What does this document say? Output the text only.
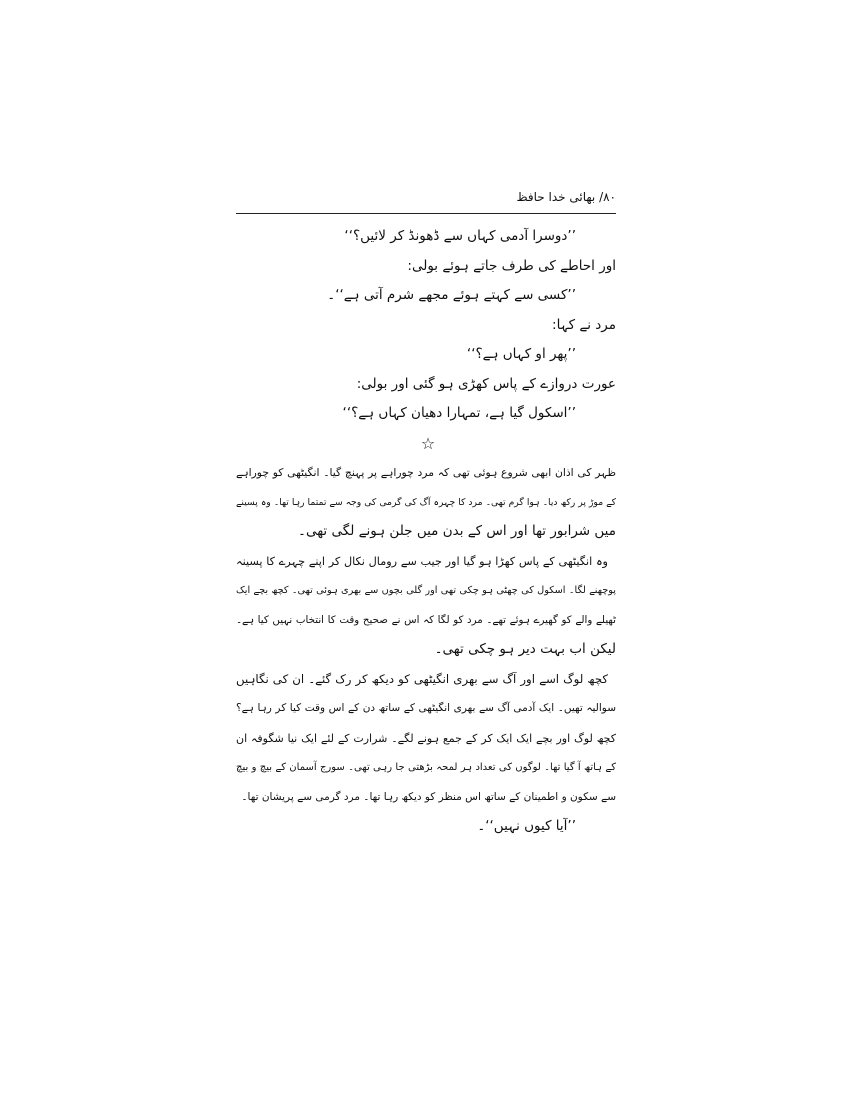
۸۰/ بھائی خدا حافظ
’’دوسرا آدمی کہاں سے ڈھونڈ کر لائیں؟‘‘
اور احاطے کی طرف جاتے ہوئے بولی:
’’کسی سے کہتے ہوئے مجھے شرم آتی ہے‘‘۔
مرد نے کہا:
’’پھر او کہاں ہے؟‘‘
عورت دروازے کے پاس کھڑی ہو گئی اور بولی:
’’اسکول گیا ہے، تمہارا دھیان کہاں ہے؟‘‘
☆
ظہر کی اذان ابھی شروع ہوئی تھی کہ مرد چوراہے پر پہنچ گیا۔ انگیٹھی کو چوراہے
کے موڑ پر رکھ دیا۔ ہوا گرم تھی۔ مرد کا چہرہ آگ کی گرمی کی وجہ سے تمتما رہا تھا۔ وہ پسینے
میں شرابور تھا اور اس کے بدن میں جلن ہونے لگی تھی۔
وہ انگیٹھی کے پاس کھڑا ہو گیا اور جیب سے رومال نکال کر اپنے چہرے کا پسینہ
پوچھنے لگا۔ اسکول کی چھٹی ہو چکی تھی اور گلی بچوں سے بھری ہوئی تھی۔ کچھ بچے ایک
ٹھیلے والے کو گھیرے ہوئے تھے۔ مرد کو لگا کہ اس نے صحیح وقت کا انتخاب نہیں کیا ہے۔
لیکن اب بہت دیر ہو چکی تھی۔
کچھ لوگ اسے اور آگ سے بھری انگیٹھی کو دیکھ کر رک گئے۔ ان کی نگاہیں
سوالیہ تھیں۔ ایک آدمی آگ سے بھری انگیٹھی کے ساتھ دن کے اس وقت کیا کر رہا ہے؟
کچھ لوگ اور بچے ایک ایک کر کے جمع ہونے لگے۔ شرارت کے لئے ایک نیا شگوفہ ان
کے ہاتھ آ گیا تھا۔ لوگوں کی تعداد ہر لمحہ بڑھتی جا رہی تھی۔ سورج آسمان کے بیچ و بیچ
سے سکون و اطمینان کے ساتھ اس منظر کو دیکھ رہا تھا۔ مرد گرمی سے پریشان تھا۔
’’آیا کیوں نہیں‘‘۔
